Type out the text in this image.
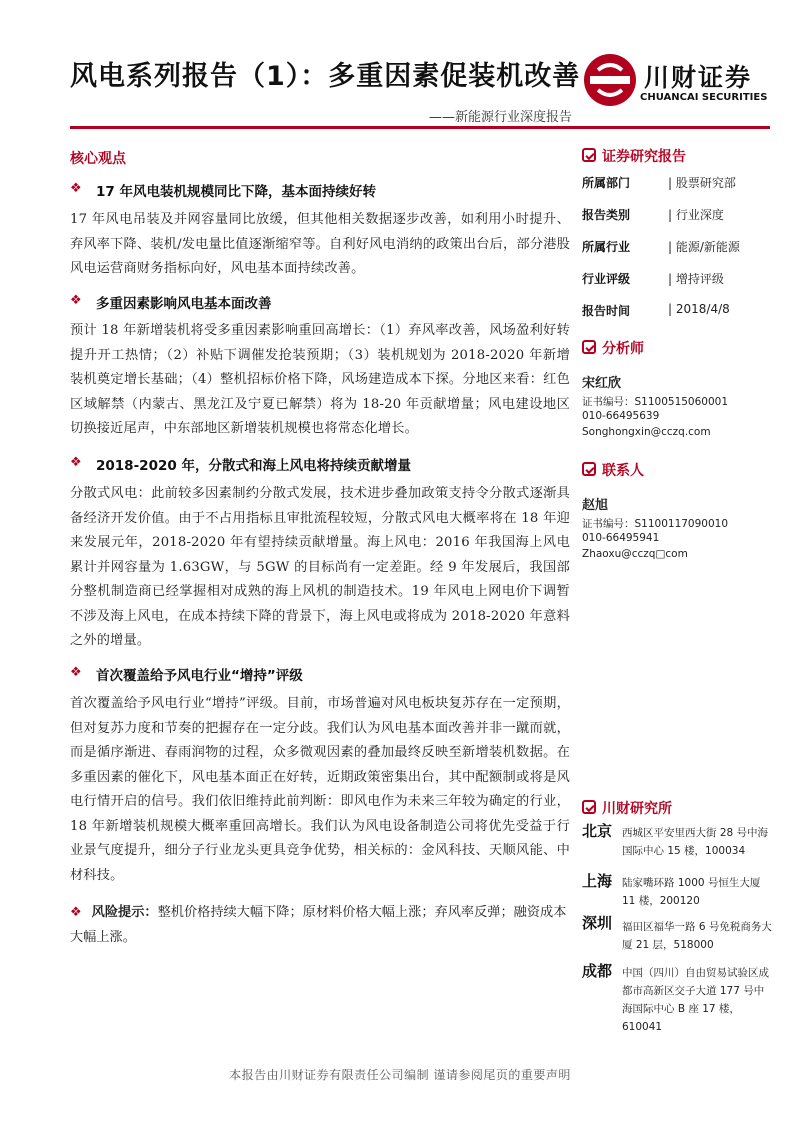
风电系列报告（1）：多重因素促装机改善
——新能源行业深度报告
川财证券
CHUANCAI SECURITIES
核心观点
❖ 17 年风电装机规模同比下降，基本面持续好转
17 年风电吊装及并网容量同比放缓，但其他相关数据逐步改善，如利用小时提升、弃风率下降、装机/发电量比值逐渐缩窄等。自利好风电消纳的政策出台后，部分港股风电运营商财务指标向好，风电基本面持续改善。
❖ 多重因素影响风电基本面改善
预计 18 年新增装机将受多重因素影响重回高增长：（1）弃风率改善，风场盈利好转提升开工热情；（2）补贴下调催发抢装预期；（3）装机规划为 2018-2020 年新增装机奠定增长基础；（4）整机招标价格下降，风场建造成本下探。分地区来看：红色区域解禁（内蒙古、黑龙江及宁夏已解禁）将为 18-20 年贡献增量；风电建设地区切换接近尾声，中东部地区新增装机规模也将常态化增长。
❖ 2018-2020 年，分散式和海上风电将持续贡献增量
分散式风电：此前较多因素制约分散式发展，技术进步叠加政策支持令分散式逐渐具备经济开发价值。由于不占用指标且审批流程较短，分散式风电大概率将在 18 年迎来发展元年，2018-2020 年有望持续贡献增量。海上风电：2016 年我国海上风电累计并网容量为 1.63GW，与 5GW 的目标尚有一定差距。经 9 年发展后，我国部分整机制造商已经掌握相对成熟的海上风机的制造技术。19 年风电上网电价下调暂不涉及海上风电，在成本持续下降的背景下，海上风电或将成为 2018-2020 年意料之外的增量。
❖ 首次覆盖给予风电行业“增持”评级
首次覆盖给予风电行业“增持”评级。目前，市场普遍对风电板块复苏存在一定预期，但对复苏力度和节奏的把握存在一定分歧。我们认为风电基本面改善并非一蹴而就，而是循序渐进、春雨润物的过程，众多微观因素的叠加最终反映至新增装机数据。在多重因素的催化下，风电基本面正在好转，近期政策密集出台，其中配额制或将是风电行情开启的信号。我们依旧维持此前判断：即风电作为未来三年较为确定的行业，18 年新增装机规模大概率重回高增长。我们认为风电设备制造公司将优先受益于行业景气度提升，细分子行业龙头更具竞争优势，相关标的：金风科技、天顺风能、中材科技。
❖ 风险提示：整机价格持续大幅下降；原材料价格大幅上涨；弃风率反弹；融资成本大幅上涨。
证券研究报告
所属部门	| 股票研究部
报告类别	| 行业深度
所属行业	| 能源/新能源
行业评级	| 增持评级
报告时间	| 2018/4/8
分析师
宋红欣
证书编号：S1100515060001
010-66495639
Songhongxin@cczq.com
联系人
赵旭
证书编号：S1100117090010
010-66495941
Zhaoxu@cczq□com
川财研究所
北京 西城区平安里西大街 28 号中海国际中心 15 楼，100034
上海 陆家嘴环路 1000 号恒生大厦 11 楼，200120
深圳 福田区福华一路 6 号免税商务大厦 21 层，518000
成都 中国（四川）自由贸易试验区成都市高新区交子大道 177 号中海国际中心 B 座 17 楼，610041
本报告由川财证券有限责任公司编制 谨请参阅尾页的重要声明
